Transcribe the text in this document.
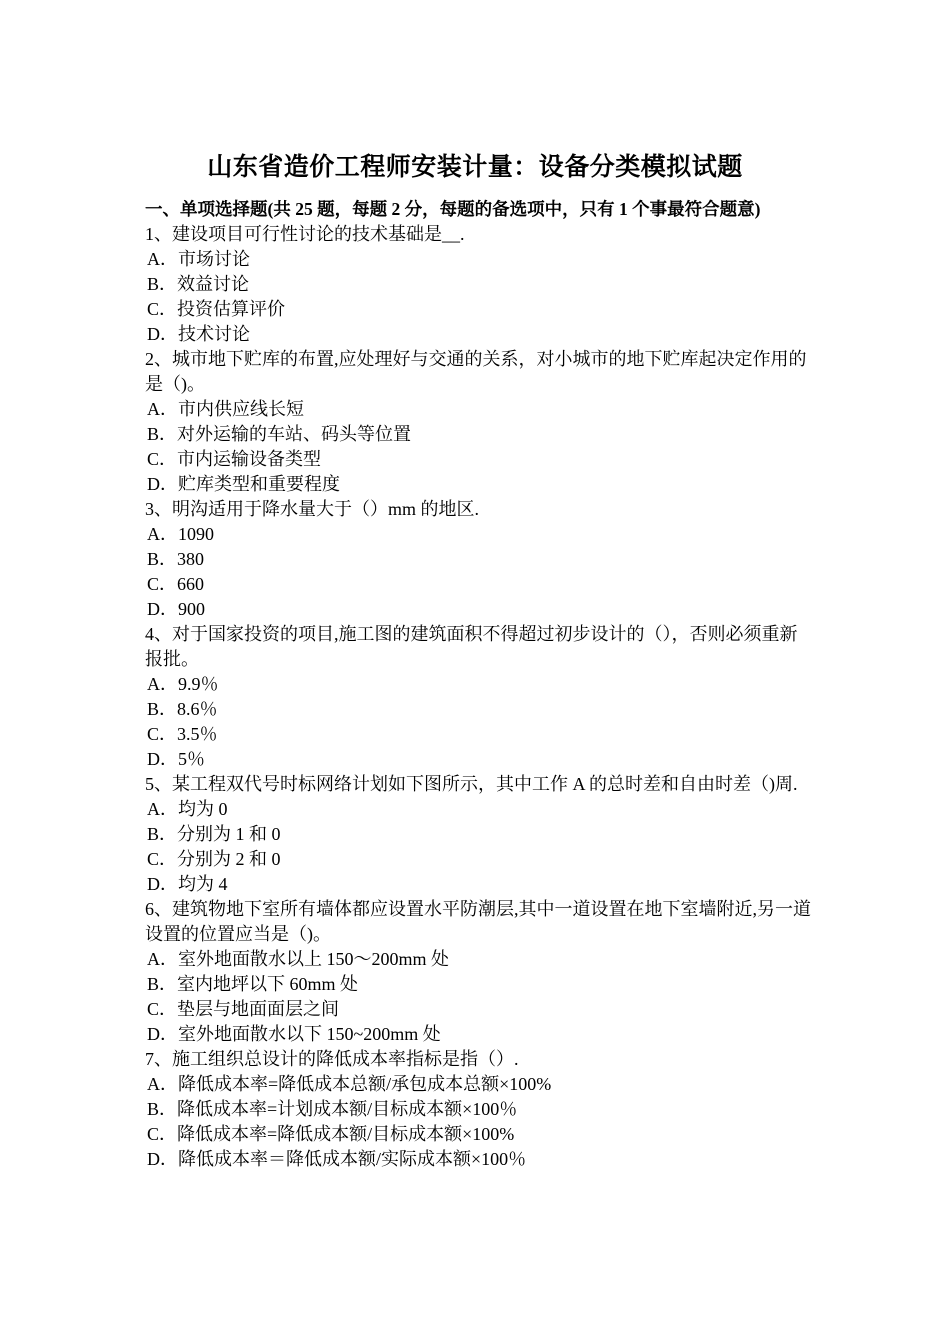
山东省造价工程师安装计量：设备分类模拟试题
一、单项选择题(共 25 题，每题 2 分，每题的备选项中，只有 1 个事最符合题意)
1、建设项目可行性讨论的技术基础是__.
A．市场讨论
B．效益讨论
C．投资估算评价
D．技术讨论
2、城市地下贮库的布置,应处理好与交通的关系，对小城市的地下贮库起决定作用的是（)。
A．市内供应线长短
B．对外运输的车站、码头等位置
C．市内运输设备类型
D．贮库类型和重要程度
3、明沟适用于降水量大于（）mm 的地区.
A．1090
B．380
C．660
D．900
4、对于国家投资的项目,施工图的建筑面积不得超过初步设计的（），否则必须重新报批。
A．9.9％
B．8.6％
C．3.5％
D．5％
5、某工程双代号时标网络计划如下图所示，其中工作 A 的总时差和自由时差（)周.
A．均为 0
B．分别为 1 和 0
C．分别为 2 和 0
D．均为 4
6、建筑物地下室所有墙体都应设置水平防潮层,其中一道设置在地下室墙附近,另一道设置的位置应当是（)。
A．室外地面散水以上 150～200mm 处
B．室内地坪以下 60mm 处
C．垫层与地面面层之间
D．室外地面散水以下 150~200mm 处
7、施工组织总设计的降低成本率指标是指（）.
A．降低成本率=降低成本总额/承包成本总额×100%
B．降低成本率=计划成本额/目标成本额×100％
C．降低成本率=降低成本额/目标成本额×100%
D．降低成本率＝降低成本额/实际成本额×100％
